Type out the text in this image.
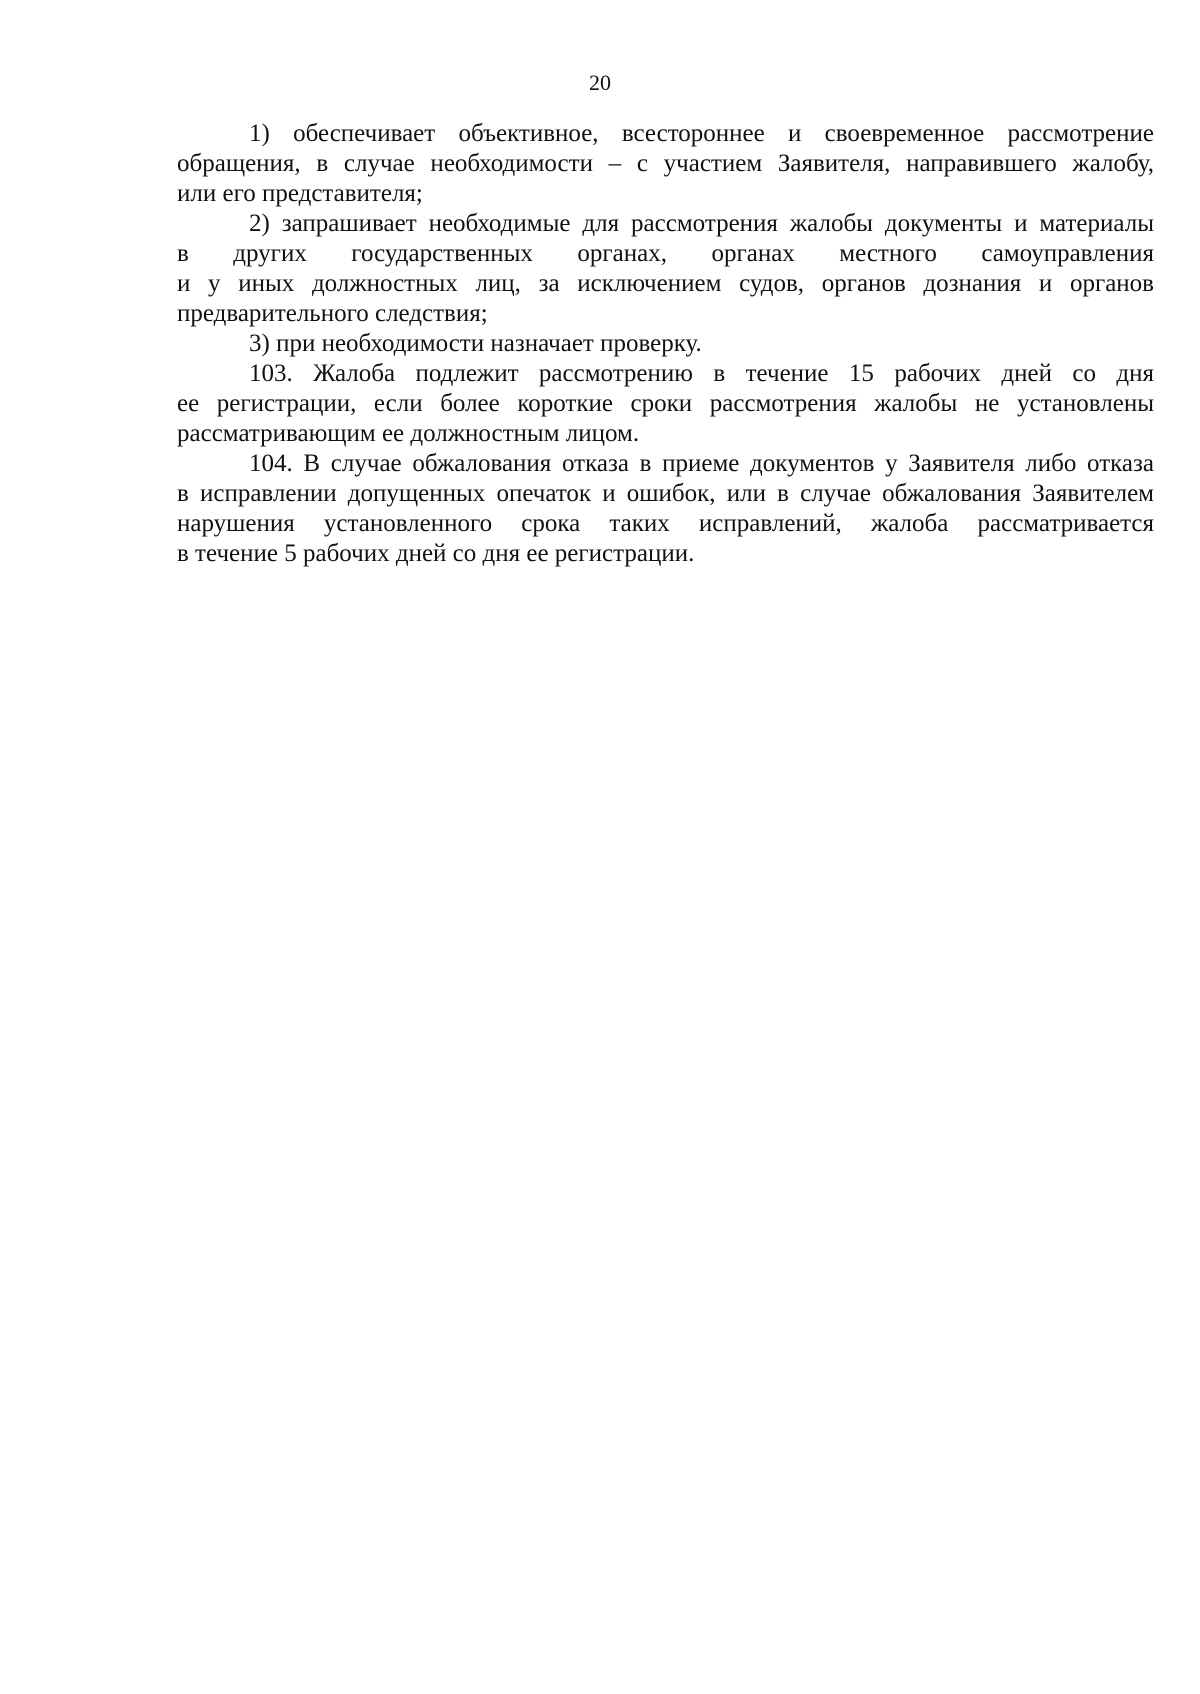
20
1) обеспечивает объективное, всестороннее и своевременное рассмотрение
обращения, в случае необходимости – с участием Заявителя, направившего жалобу,
или его представителя;
2) запрашивает необходимые для рассмотрения жалобы документы и материалы
в других государственных органах, органах местного самоуправления
и у иных должностных лиц, за исключением судов, органов дознания и органов
предварительного следствия;
3) при необходимости назначает проверку.
103. Жалоба подлежит рассмотрению в течение 15 рабочих дней со дня
ее регистрации, если более короткие сроки рассмотрения жалобы не установлены
рассматривающим ее должностным лицом.
104. В случае обжалования отказа в приеме документов у Заявителя либо отказа
в исправлении допущенных опечаток и ошибок, или в случае обжалования Заявителем
нарушения установленного срока таких исправлений, жалоба рассматривается
в течение 5 рабочих дней со дня ее регистрации.
